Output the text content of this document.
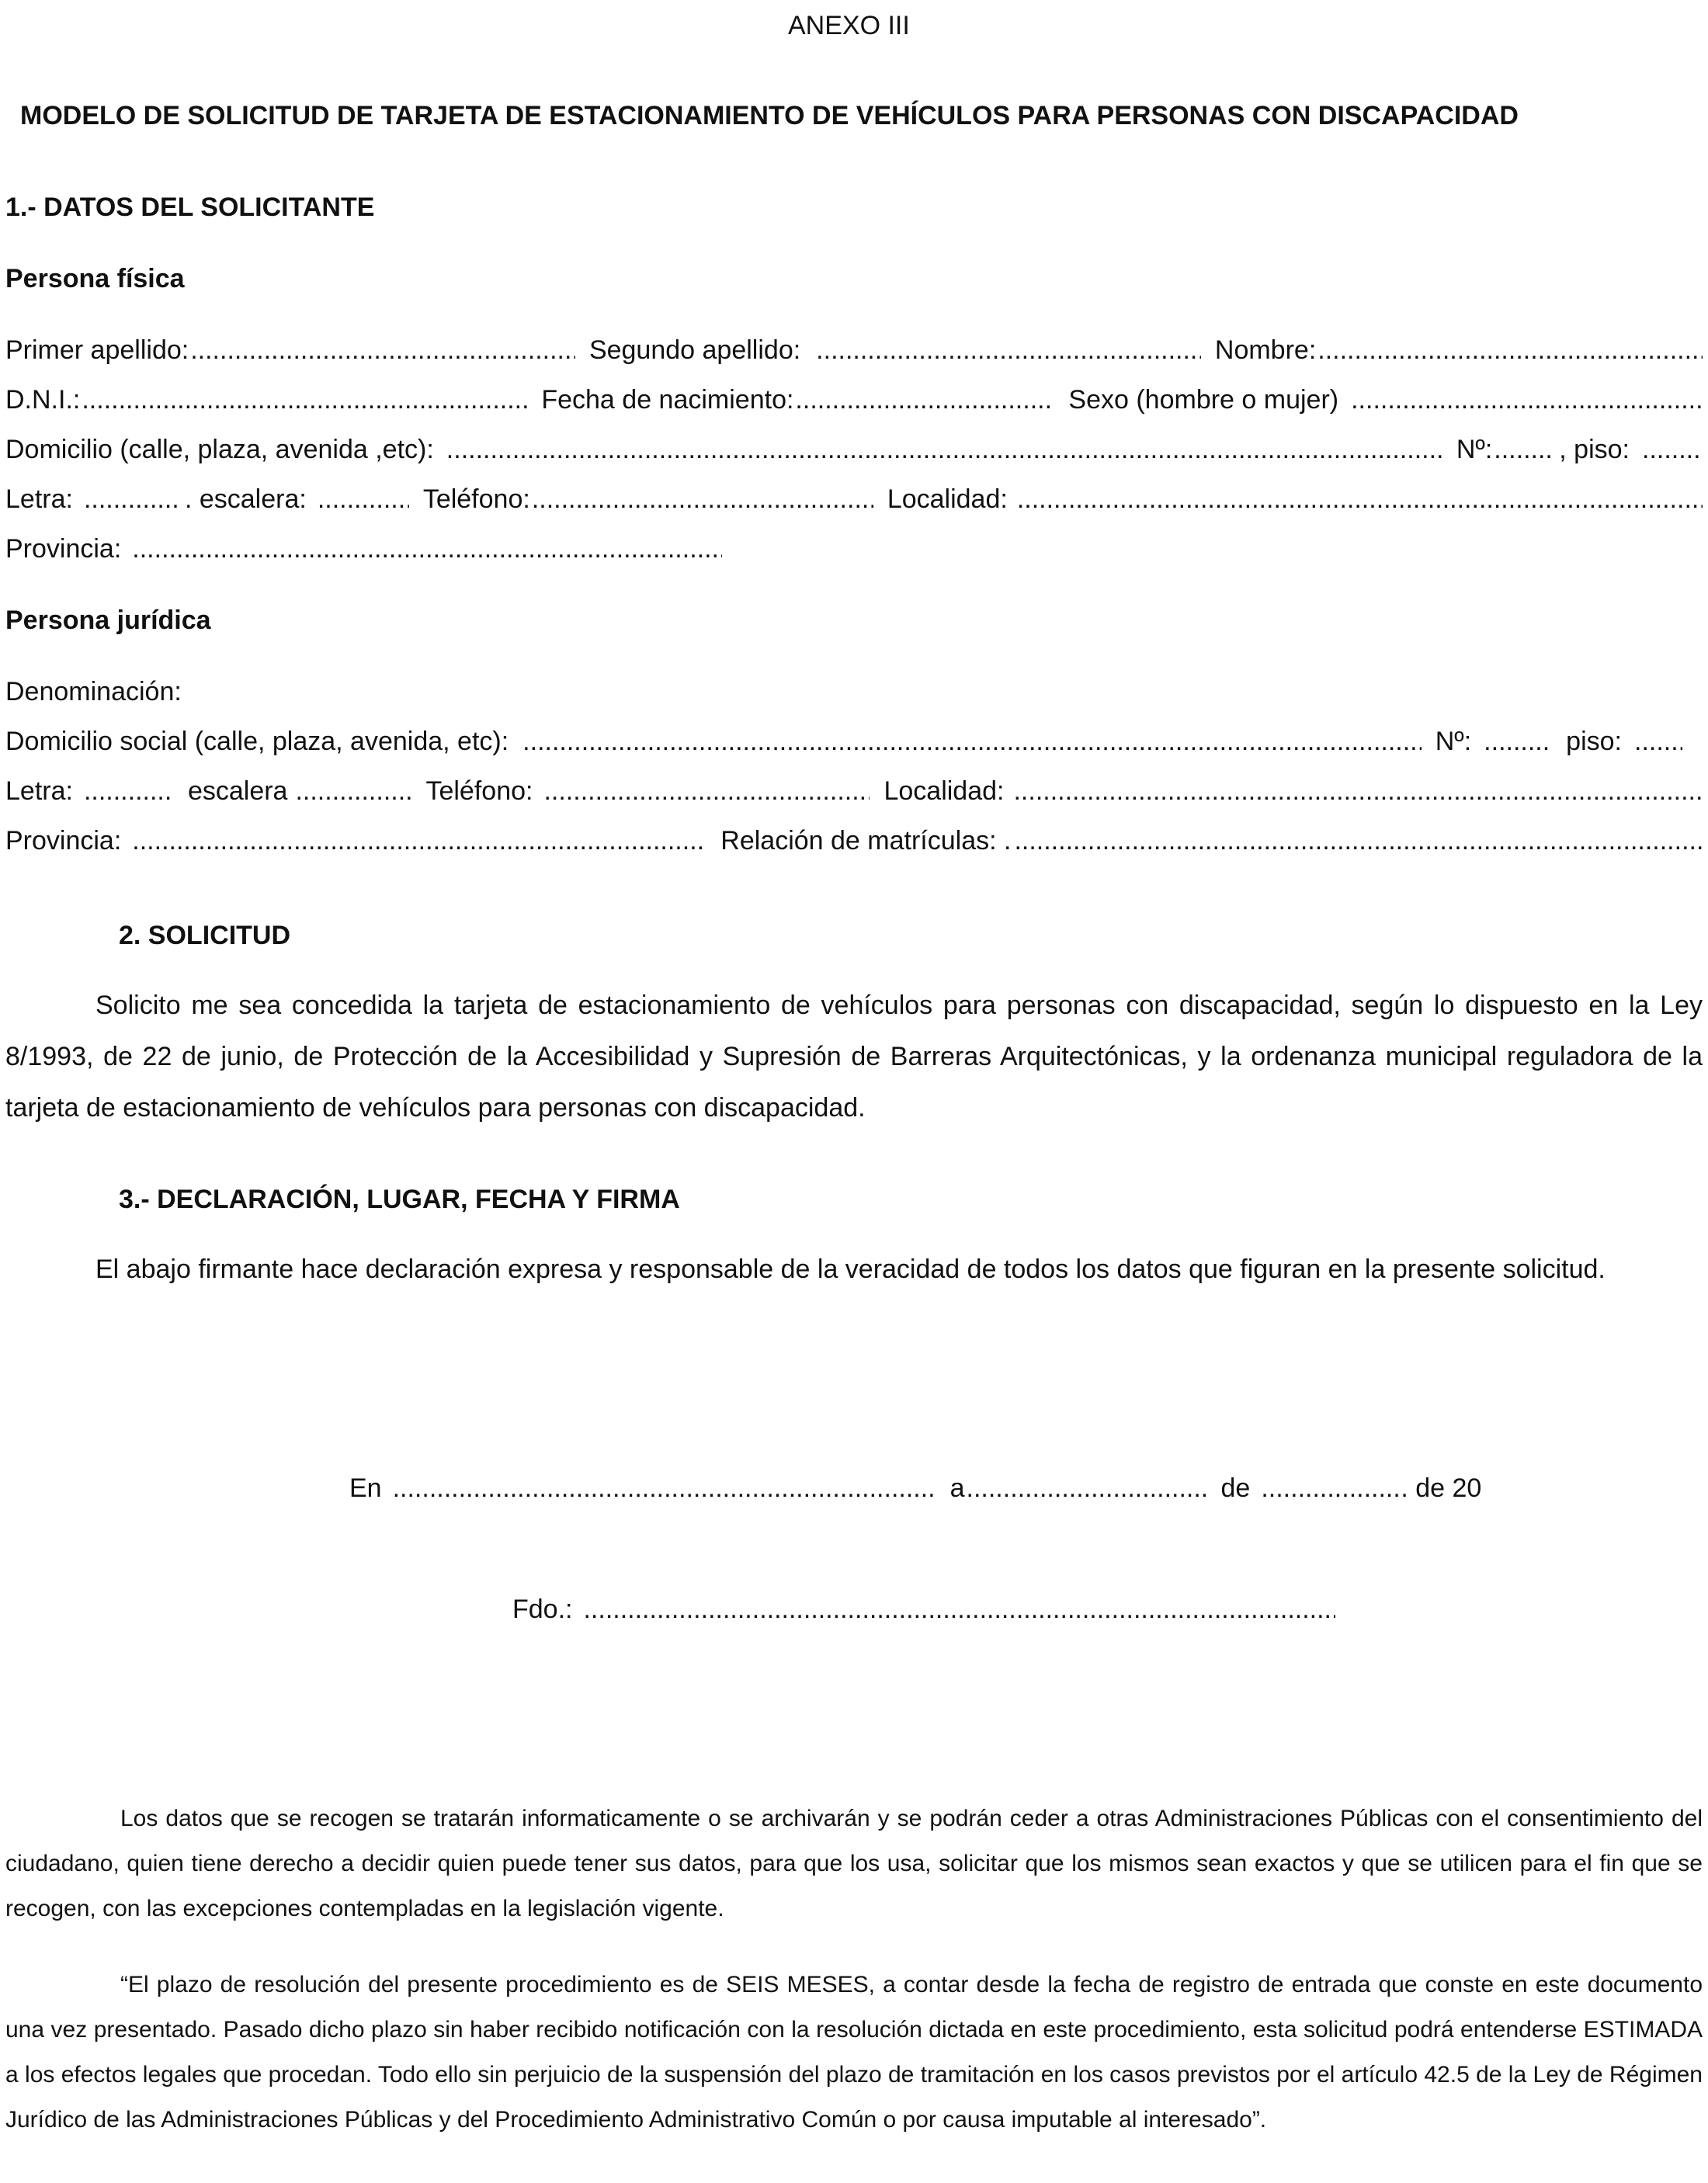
ANEXO III
MODELO DE SOLICITUD DE TARJETA DE ESTACIONAMIENTO DE VEHÍCULOS PARA PERSONAS CON DISCAPACIDAD
1.- DATOS DEL SOLICITANTE
Persona física
Primer apellido: .....	Segundo apellido: .....	Nombre:
.....
D.N.I.: .....	Fecha de nacimiento: .....	Sexo (hombre o mujer)
.....
Domicilio (calle, plaza, avenida ,etc): .....	Nº: .....	, piso:
.....
Letra: .....	. escalera: .....	Teléfono: .....	Localidad:
.....
Provincia:
.....
Persona jurídica
Denominación:
Domicilio social (calle, plaza, avenida, etc): .....	Nº: .....	piso:
.....
Letra: .....	escalera .....	Teléfono: .....	Localidad:
.....
Provincia: .....	Relación de matrículas: .
.....
2. SOLICITUD

Solicito me sea concedida la tarjeta de estacionamiento de vehículos para personas con discapacidad, según lo dispuesto en la Ley 8/1993, de 22 de junio, de Protección de la Accesibilidad y Supresión de Barreras Arquitectónicas, y la ordenanza municipal reguladora de la tarjeta de estacionamiento de vehículos para personas con discapacidad.

3.- DECLARACIÓN, LUGAR, FECHA Y FIRMA

El abajo firmante hace declaración expresa y responsable de la veracidad de todos los datos que figuran en la presente solicitud.

En .....	a .....	de .....	. de 20
Fdo.:
.....

Los datos que se recogen se tratarán informaticamente o se archivarán y se podrán ceder a otras Administraciones Públicas con el consentimiento del ciudadano, quien tiene derecho a decidir quien puede tener sus datos, para que los usa, solicitar que los mismos sean exactos y que se utilicen para el fin que se recogen, con las excepciones contempladas en la legislación vigente.

“El plazo de resolución del presente procedimiento es de SEIS MESES, a contar desde la fecha de registro de entrada que conste en este documento una vez presentado. Pasado dicho plazo sin haber recibido notificación con la resolución dictada en este procedimiento, esta solicitud podrá entenderse ESTIMADA a los efectos legales que procedan. Todo ello sin perjuicio de la suspensión del plazo de tramitación en los casos previstos por el artículo 42.5 de la Ley de Régimen Jurídico de las Administraciones Públicas y del Procedimiento Administrativo Común o por causa imputable al interesado”.
